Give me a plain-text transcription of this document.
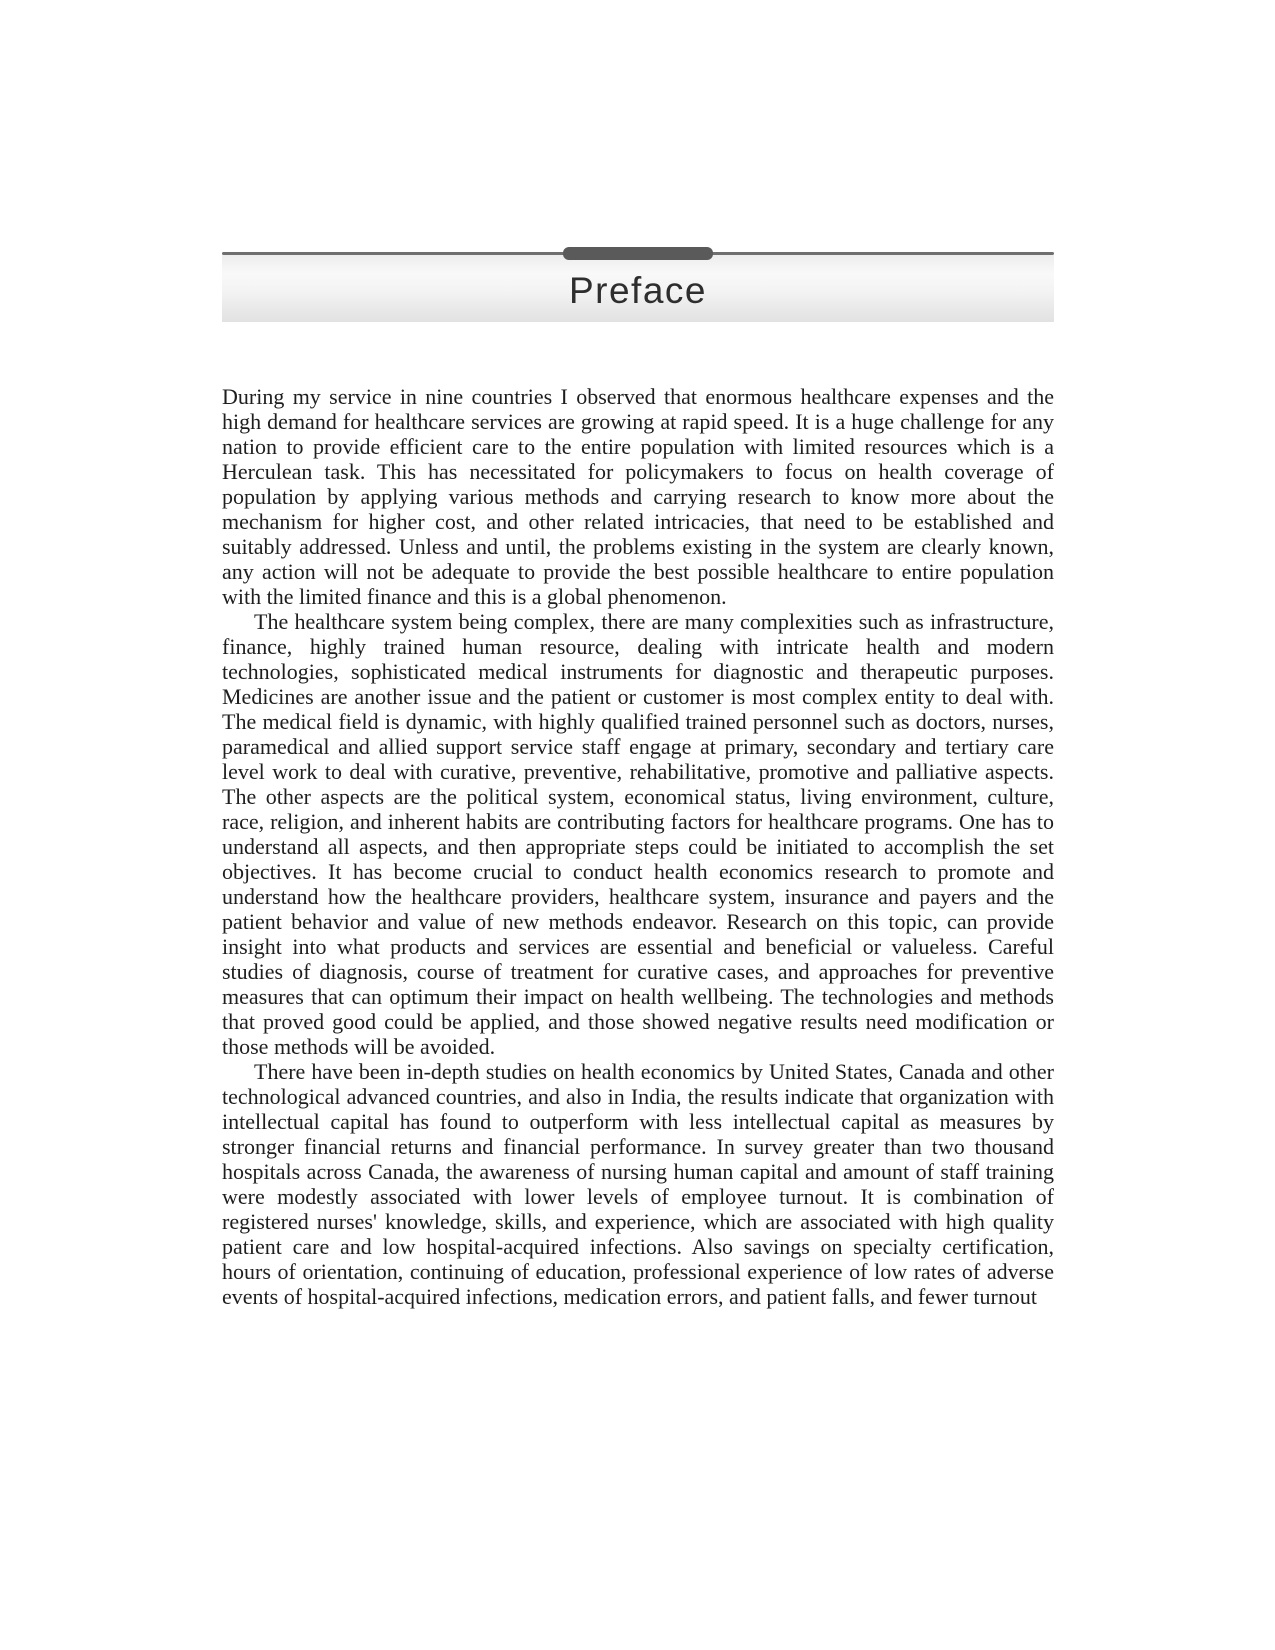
Preface

During my service in nine countries I observed that enormous healthcare expenses and the high demand for healthcare services are growing at rapid speed. It is a huge challenge for any nation to provide efficient care to the entire population with limited resources which is a Herculean task. This has necessitated for policymakers to focus on health coverage of population by applying various methods and carrying research to know more about the mechanism for higher cost, and other related intricacies, that need to be established and suitably addressed. Unless and until, the problems existing in the system are clearly known, any action will not be adequate to provide the best possible healthcare to entire population with the limited finance and this is a global phenomenon.

The healthcare system being complex, there are many complexities such as infrastructure, finance, highly trained human resource, dealing with intricate health and modern technologies, sophisticated medical instruments for diagnostic and therapeutic purposes. Medicines are another issue and the patient or customer is most complex entity to deal with. The medical field is dynamic, with highly qualified trained personnel such as doctors, nurses, paramedical and allied support service staff engage at primary, secondary and tertiary care level work to deal with curative, preventive, rehabilitative, promotive and palliative aspects. The other aspects are the political system, economical status, living environment, culture, race, religion, and inherent habits are contributing factors for healthcare programs. One has to understand all aspects, and then appropriate steps could be initiated to accomplish the set objectives. It has become crucial to conduct health economics research to promote and understand how the healthcare providers, healthcare system, insurance and payers and the patient behavior and value of new methods endeavor. Research on this topic, can provide insight into what products and services are essential and beneficial or valueless. Careful studies of diagnosis, course of treatment for curative cases, and approaches for preventive measures that can optimum their impact on health wellbeing. The technologies and methods that proved good could be applied, and those showed negative results need modification or those methods will be avoided.

There have been in-depth studies on health economics by United States, Canada and other technological advanced countries, and also in India, the results indicate that organization with intellectual capital has found to outperform with less intellectual capital as measures by stronger financial returns and financial performance. In survey greater than two thousand hospitals across Canada, the awareness of nursing human capital and amount of staff training were modestly associated with lower levels of employee turnout. It is combination of registered nurses' knowledge, skills, and experience, which are associated with high quality patient care and low hospital-acquired infections. Also savings on specialty certification, hours of orientation, continuing of education, professional experience of low rates of adverse events of hospital-acquired infections, medication errors, and patient falls, and fewer turnout
